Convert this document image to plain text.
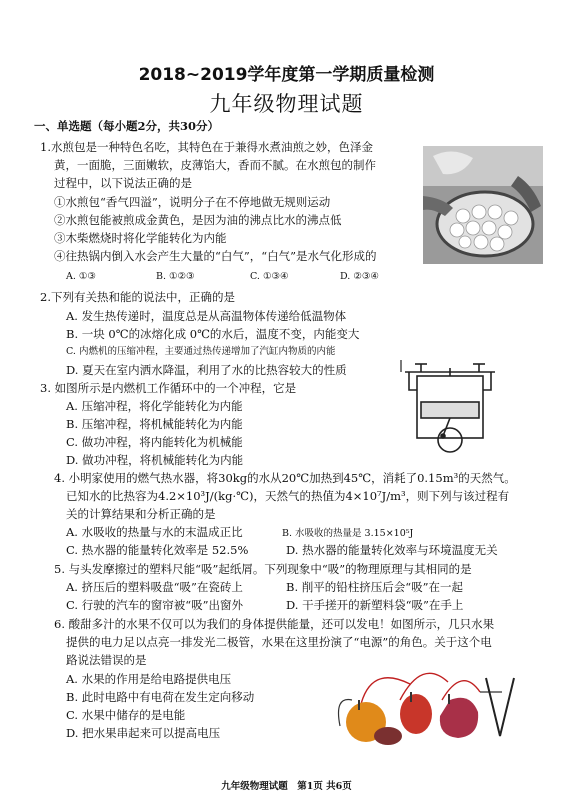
2018~2019学年度第一学期质量检测
九年级物理试题
一、单选题（每小题2分，共30分）
1.水煎包是一种特色名吃，其特色在于兼得水煮油煎之妙，色泽金
黄，一面脆，三面嫩软，皮薄馅大，香而不腻。在水煎包的制作
过程中，以下说法正确的是
①水煎包“香气四溢”，说明分子在不停地做无规则运动
②水煎包能被煎成金黄色，是因为油的沸点比水的沸点低
③木柴燃烧时将化学能转化为内能
④往热锅内倒入水会产生大量的“白气”，“白气”是水气化形成的
A. ①③	B. ①②③	C. ①③④	D. ②③④
2.下列有关热和能的说法中，正确的是
A. 发生热传递时，温度总是从高温物体传递给低温物体
B. 一块 0℃的冰熔化成 0℃的水后，温度不变，内能变大
C. 内燃机的压缩冲程，主要通过热传递增加了汽缸内物质的内能
D. 夏天在室内洒水降温，利用了水的比热容较大的性质
3. 如图所示是内燃机工作循环中的一个冲程，它是
A. 压缩冲程，将化学能转化为内能
B. 压缩冲程，将机械能转化为内能
C. 做功冲程，将内能转化为机械能
D. 做功冲程，将机械能转化为内能
4. 小明家使用的燃气热水器，将30kg的水从20℃加热到45℃，消耗了0.15m³的天然气。
已知水的比热容为4.2×10³J/(kg·℃)，天然气的热值为4×10⁷J/m³，则下列与该过程有
关的计算结果和分析正确的是
A. 水吸收的热量与水的末温成正比	B. 水吸收的热量是 3.15×10⁵J
C. 热水器的能量转化效率是 52.5%	D. 热水器的能量转化效率与环境温度无关
5. 与头发摩擦过的塑料尺能“吸”起纸屑。下列现象中“吸”的物理原理与其相同的是
A. 挤压后的塑料吸盘“吸”在瓷砖上	B. 削平的铅柱挤压后会“吸”在一起
C. 行驶的汽车的窗帘被“吸”出窗外	D. 干手搓开的新塑料袋“吸”在手上
6. 酸甜多汁的水果不仅可以为我们的身体提供能量，还可以发电！如图所示，几只水果
提供的电力足以点亮一排发光二极管，水果在这里扮演了“电源”的角色。关于这个电
路说法错误的是
A. 水果的作用是给电路提供电压
B. 此时电路中有电荷在发生定向移动
C. 水果中储存的是电能
D. 把水果串起来可以提高电压
九年级物理试题　第1页 共6页
